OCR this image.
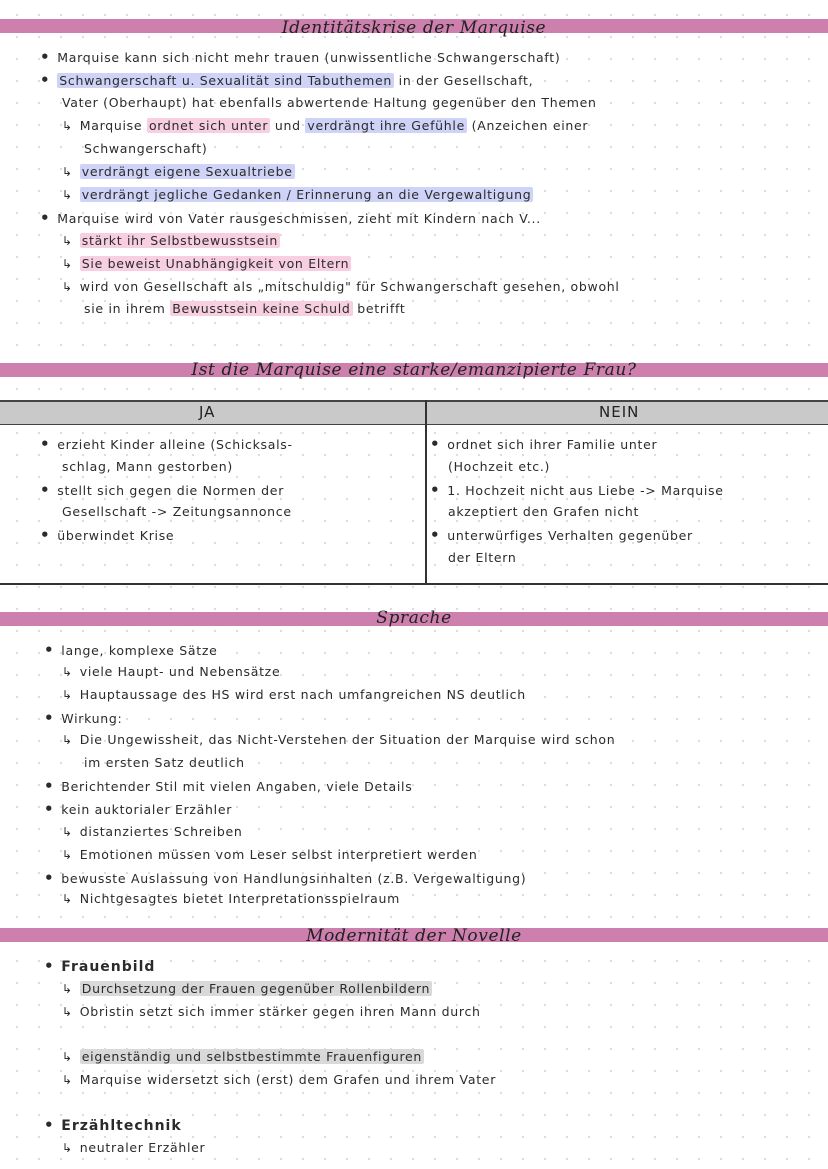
Identitätskrise der Marquise
• Marquise kann sich nicht mehr trauen (unwissentliche Schwangerschaft)
• Schwangerschaft u. Sexualität sind Tabuthemen in der Gesellschaft,
Vater (Oberhaupt) hat ebenfalls abwertende Haltung gegenüber den Themen
↳ Marquise ordnet sich unter und verdrängt ihre Gefühle (Anzeichen einer
Schwangerschaft)
↳ verdrängt eigene Sexualtriebe
↳ verdrängt jegliche Gedanken / Erinnerung an die Vergewaltigung
• Marquise wird von Vater rausgeschmissen, zieht mit Kindern nach V...
↳ stärkt ihr Selbstbewusstsein
↳ Sie beweist Unabhängigkeit von Eltern
↳ wird von Gesellschaft als „mitschuldig" für Schwangerschaft gesehen, obwohl
sie in ihrem Bewusstsein keine Schuld betrifft
Ist die Marquise eine starke/emanzipierte Frau?
JA	NEIN
• erzieht Kinder alleine (Schicksals-
schlag, Mann gestorben)
• stellt sich gegen die Normen der
Gesellschaft -> Zeitungsannonce
• überwindet Krise
• ordnet sich ihrer Familie unter
(Hochzeit etc.)
• 1. Hochzeit nicht aus Liebe -> Marquise
akzeptiert den Grafen nicht
• unterwürfiges Verhalten gegenüber
der Eltern
Sprache
• lange, komplexe Sätze
↳ viele Haupt- und Nebensätze
↳ Hauptaussage des HS wird erst nach umfangreichen NS deutlich
• Wirkung:
↳ Die Ungewissheit, das Nicht-Verstehen der Situation der Marquise wird schon
im ersten Satz deutlich
• Berichtender Stil mit vielen Angaben, viele Details
• kein auktorialer Erzähler
↳ distanziertes Schreiben
↳ Emotionen müssen vom Leser selbst interpretiert werden
• bewusste Auslassung von Handlungsinhalten (z.B. Vergewaltigung)
↳ Nichtgesagtes bietet Interpretationsspielraum
Modernität der Novelle
• Frauenbild
↳ Durchsetzung der Frauen gegenüber Rollenbildern
↳ Obristin setzt sich immer stärker gegen ihren Mann durch
↳ eigenständig und selbstbestimmte Frauenfiguren
↳ Marquise widersetzt sich (erst) dem Grafen und ihrem Vater
• Erzähltechnik
↳ neutraler Erzähler
